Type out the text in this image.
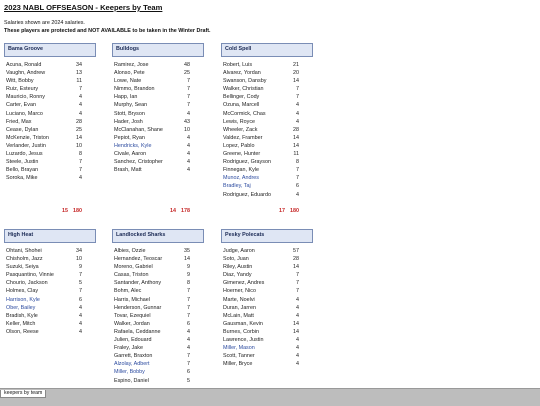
2023 NABL OFFSEASON - Keepers by Team
Salaries shown are 2024 salaries.
These players are protected and NOT AVAILABLE to be taken in the Winter Draft.
Bama Groove
Acuna, Ronald	34
Vaughn, Andrew	13
Witt, Bobby	11
Ruiz, Esteury	7
Mauricio, Ronny	4
Carter, Evan	4
Luciano, Marco	4
Fried, Max	28
Cease, Dylan	25
McKenzie, Triston	14
Verlander, Justin	10
Luzardo, Jesus	8
Steele, Justin	7
Bello, Brayan	7
Soroka, Mike	4
Bulldogs
Ramirez, Jose	48
Alonso, Pete	25
Lowe, Nate	7
Nimmo, Brandon	7
Happ, Ian	7
Murphy, Sean	7
Stott, Bryson	4
Hader, Josh	43
McClanahan, Shane	10
Pepiot, Ryan	4
Hendricks, Kyle	4
Civale, Aaron	4
Sanchez, Cristopher	4
Brash, Matt	4
Cold Spell
Robert, Luis	21
Alvarez, Yordan	20
Swanson, Dansby	14
Walker, Christian	7
Bellinger, Cody	7
Ozuna, Marcell	4
McCormick, Chas	4
Lewis, Royce	4
Wheeler, Zack	28
Valdez, Framber	14
Lopez, Pablo	14
Greene, Hunter	11
Rodriguez, Grayson	8
Finnegan, Kyle	7
Munoz, Andres	7
Bradley, Taj	6
Rodriguez, Eduardo	4
15 180	14 178	17 180
High Heat
Ohtani, Shohei	34
Chisholm, Jazz	10
Suzuki, Seiya	9
Pasquantino, Vinnie	7
Chourio, Jackson	5
Holmes, Clay	7
Harrison, Kyle	6
Ober, Bailey	4
Bradish, Kyle	4
Keller, Mitch	4
Olson, Reese	4
Landlocked Sharks
Albies, Ozzie	35
Hernandez, Teoscar	14
Moreno, Gabriel	9
Casas, Triston	9
Santander, Anthony	8
Bohm, Alec	7
Harris, Michael	7
Henderson, Gunnar	7
Tovar, Ezequiel	7
Walker, Jordan	6
Rafaela, Ceddanne	4
Julien, Edouard	4
Fraley, Jake	4
Garrett, Braxton	7
Alzolay, Adbert	7
Miller, Bobby	6
Espino, Daniel	5
Pesky Polecats
Judge, Aaron	57
Soto, Juan	28
Riley, Austin	14
Diaz, Yandy	7
Gimenez, Andres	7
Hoerner, Nico	7
Marte, Noelvi	4
Duran, Jarren	4
McLain, Matt	4
Gausman, Kevin	14
Burnes, Corbin	14
Lawrence, Justin	4
Miller, Mason	4
Scott, Tanner	4
Miller, Bryce	4
keepers by team
